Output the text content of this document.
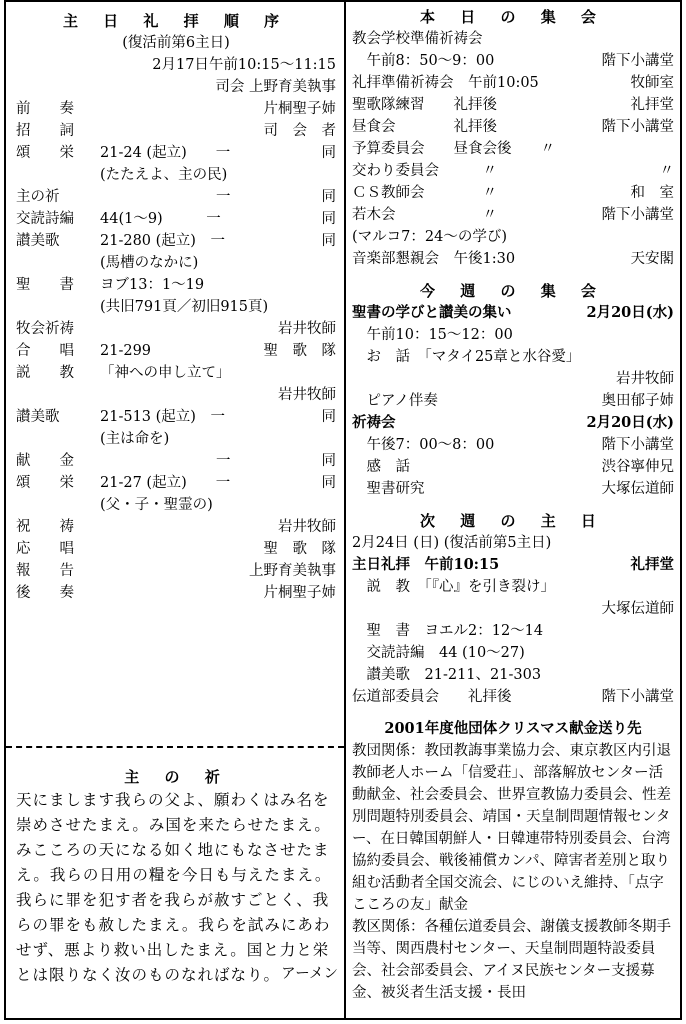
主 日 礼 拝 順 序
(復活前第6主日)
2月17日午前10:15～11:15
司会 上野育美執事
前　　奏	片桐聖子姉
招　　詞	司　会　者
頌　　栄 21-24 (起立)　　一	同
(たたえよ、主の民)
主の祈	　　　　　　　　一	同
交読詩編 44(1～9)　　　一	同
讃美歌	21-280 (起立)　一	同
(馬槽のなかに)
聖　　書 ヨブ13：1～19
(共旧791頁／初旧915頁)
牧会祈祷	岩井牧師
合　　唱 21-299	聖　歌　隊
説　　教 「神への申し立て」
岩井牧師
讃美歌	21-513 (起立)　一	同
(主は命を)
献　　金 　　　　　　　　一	同
頌　　栄 21-27 (起立)　　一	同
(父・子・聖霊の)
祝　　祷	岩井牧師
応　　唱	聖　歌　隊
報　　告	上野育美執事
後　　奏	片桐聖子姉
本 日 の 集 会
教会学校準備祈祷会
　午前8：50～9：00	階下小講堂
礼拝準備祈祷会　午前10:05	牧師室
聖歌隊練習　　礼拝後	礼拝堂
昼食会　　　　礼拝後	階下小講堂
予算委員会　　昼食会後　　〃
交わり委員会　　　〃	〃
ＣＳ教師会　　　　〃	和　室
若木会　　　　　　〃	階下小講堂
(マルコ7：24～の学び)
音楽部懇親会　午後1:30	天安閣
今 週 の 集 会
聖書の学びと讃美の集い	2月20日(水)
　午前10：15～12：00
　お　話　「マタイ25章と水谷愛」
岩井牧師
　ピアノ伴奏	奥田郁子姉
祈祷会	2月20日(水)
　午後7：00～8：00	階下小講堂
　感　話	渋谷寧伸兄
　聖書研究	大塚伝道師
次 週 の 主 日
2月24日 (日) (復活前第5主日)
主日礼拝　午前10:15	礼拝堂
　説　教　「『心』を引き裂け」
大塚伝道師
　聖　書　ヨエル2：12～14
　交読詩編　44 (10～27)
　讃美歌　21-211、21-303
伝道部委員会　　礼拝後	階下小講堂
2001年度他団体クリスマス献金送り先
教団関係：教団教誨事業協力会、東京教区内引退教師老人ホーム「信愛荘」、部落解放センター活動献金、社会委員会、世界宣教協力委員会、性差別問題特別委員会、靖国・天皇制問題情報センター、在日韓国朝鮮人・日韓連帯特別委員会、台湾協約委員会、戦後補償カンパ、障害者差別と取り組む活動者全国交流会、にじのいえ維持、「点字こころの友」献金
教区関係：各種伝道委員会、謝儀支援教師冬期手当等、関西農村センター、天皇制問題特設委員会、社会部委員会、アイヌ民族センター支援募金、被災者生活支援・長田
主 の 祈
天にまします我らの父よ、願わくはみ名を崇めさせたまえ。み国を来たらせたまえ。みこころの天になる如く地にもなさせたまえ。我らの日用の糧を今日も与えたまえ。我らに罪を犯す者を我らが赦すごとく、我らの罪をも赦したまえ。我らを試みにあわせず、悪より救い出したまえ。国と力と栄とは限りなく汝のものなればなり。 アーメン
